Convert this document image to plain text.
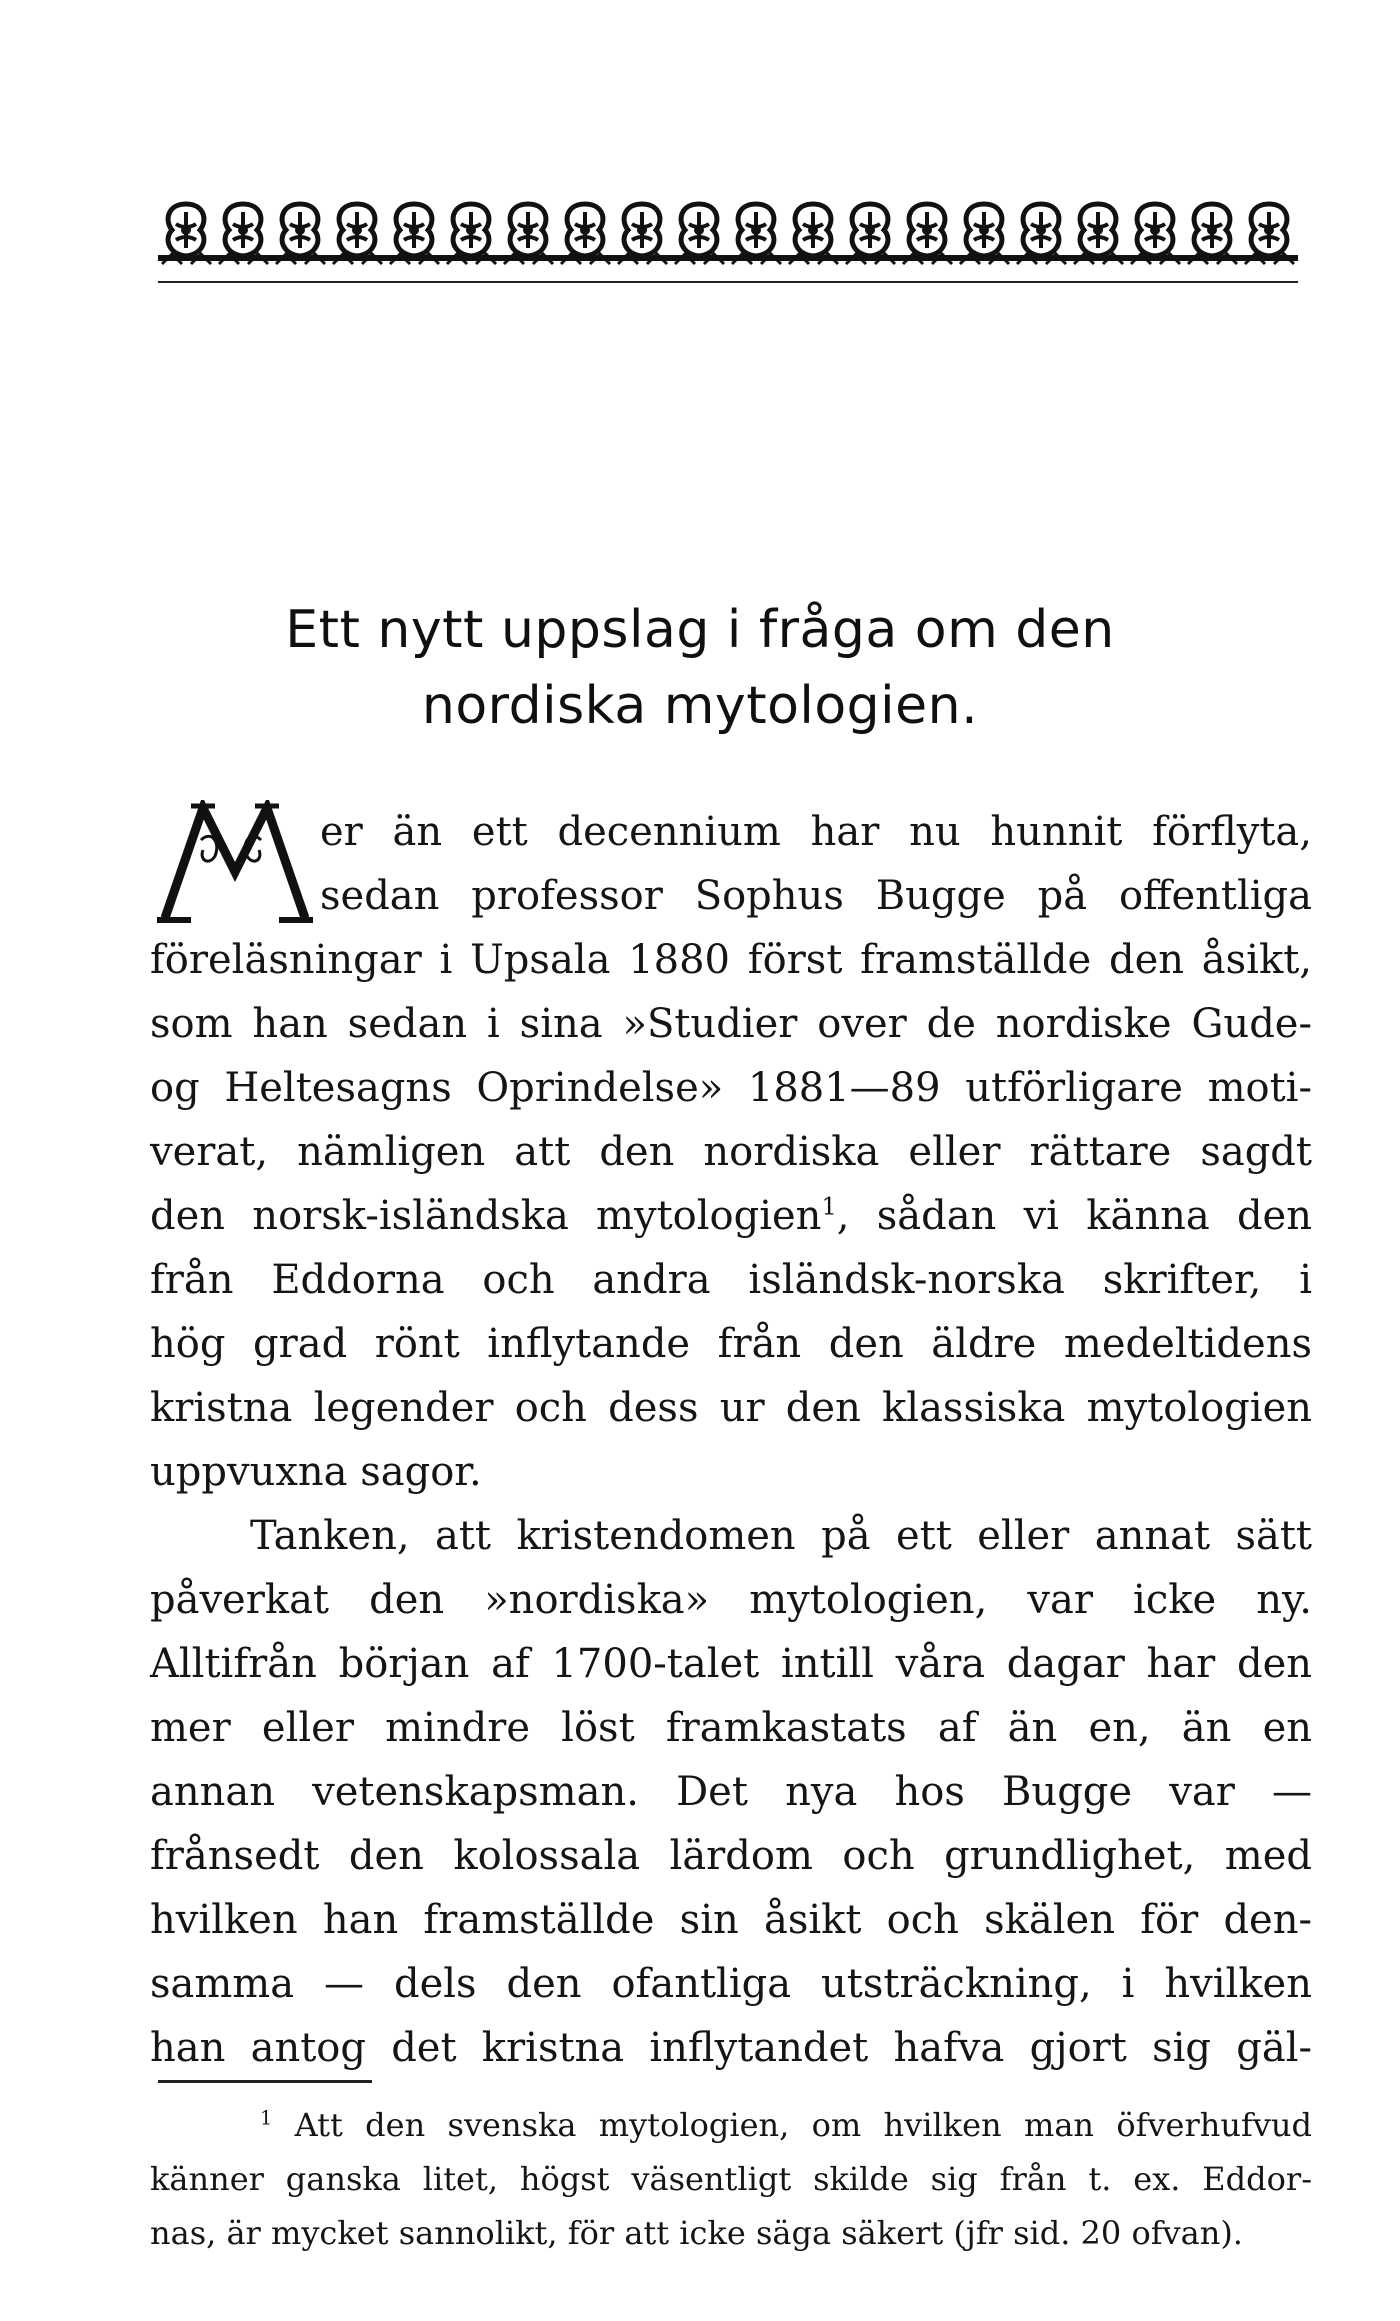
Ett nytt uppslag i fråga om den
nordiska mytologien.
er än ett decennium har nu hunnit förflyta,
sedan professor Sophus Bugge på offentliga
föreläsningar i Upsala 1880 först framställde den åsikt,
som han sedan i sina »Studier over de nordiske Gude-
og Heltesagns Oprindelse» 1881—89 utförligare moti-
verat, nämligen att den nordiska eller rättare sagdt
den norsk-isländska mytologien$^1$, sådan vi känna den
från Eddorna och andra isländsk-norska skrifter, i
hög grad rönt inflytande från den äldre medeltidens
kristna legender och dess ur den klassiska mytologien
uppvuxna sagor.
Tanken, att kristendomen på ett eller annat sätt
påverkat den »nordiska» mytologien, var icke ny.
Alltifrån början af 1700-talet intill våra dagar har den
mer eller mindre löst framkastats af än en, än en
annan vetenskapsman. Det nya hos Bugge var —
frånsedt den kolossala lärdom och grundlighet, med
hvilken han framställde sin åsikt och skälen för den-
samma — dels den ofantliga utsträckning, i hvilken
han antog det kristna inflytandet hafva gjort sig gäl-
$^1$ Att den svenska mytologien, om hvilken man öfverhufvud
känner ganska litet, högst väsentligt skilde sig från t. ex. Eddor-
nas, är mycket sannolikt, för att icke säga säkert (jfr sid. 20 ofvan).
